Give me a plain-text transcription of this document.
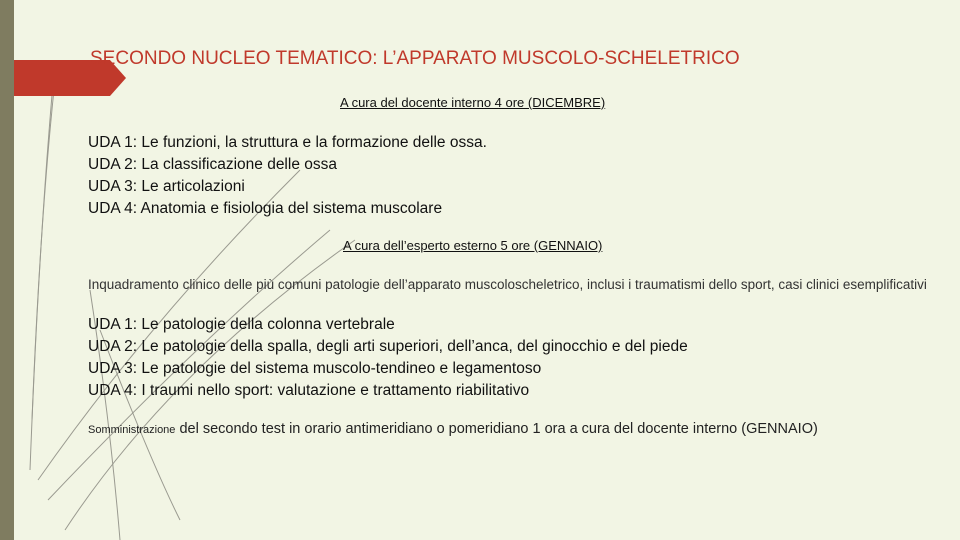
SECONDO NUCLEO TEMATICO: L’APPARATO MUSCOLO-SCHELETRICO
A cura del docente interno 4 ore (DICEMBRE)
UDA 1: Le funzioni, la struttura e la formazione delle ossa.
UDA 2: La classificazione delle ossa
UDA 3: Le articolazioni
UDA 4: Anatomia e fisiologia del sistema muscolare
A cura dell’esperto esterno 5 ore (GENNAIO)
Inquadramento clinico delle più comuni patologie dell’apparato muscoloscheletrico, inclusi i traumatismi dello sport, casi clinici esemplificativi
UDA 1: Le patologie della colonna vertebrale
UDA 2: Le patologie della spalla, degli arti superiori, dell’anca, del ginocchio e del piede
UDA 3: Le patologie del sistema muscolo-tendineo e legamentoso
UDA 4: I traumi nello sport: valutazione e trattamento riabilitativo
Somministrazione del secondo test in orario antimeridiano o pomeridiano 1 ora a cura del docente interno (GENNAIO)
